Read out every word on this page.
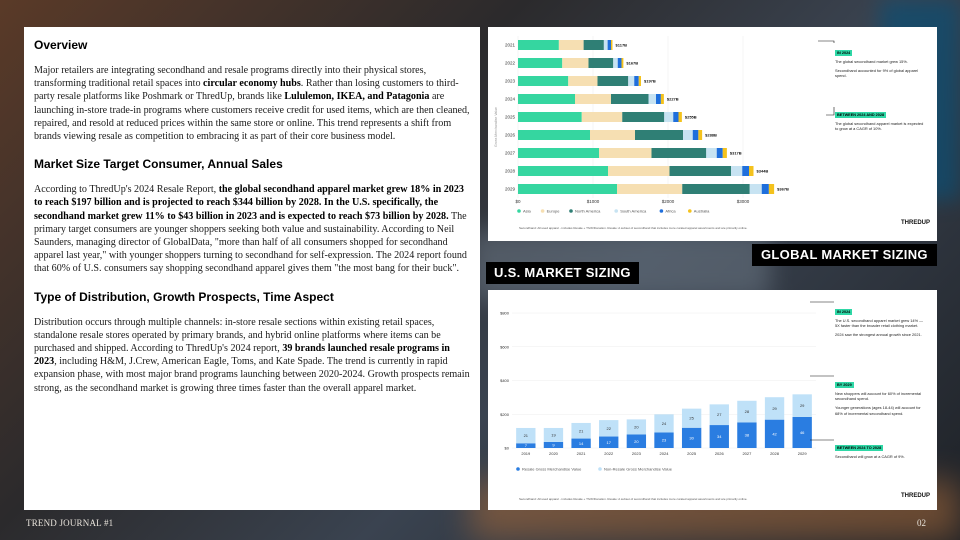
Overview

Major retailers are integrating secondhand and resale programs directly into their physical stores, transforming traditional retail spaces into circular economy hubs. Rather than losing customers to third-party resale platforms like Poshmark or ThredUp, brands like Lululemon, IKEA, and Patagonia are launching in-store trade-in programs where customers receive credit for used items, which are then cleaned, repaired, and resold at reduced prices within the same store or online. This trend represents a shift from brands viewing resale as competition to embracing it as part of their core business model.

Market Size Target Consumer, Annual Sales

According to ThredUp's 2024 Resale Report, the global secondhand apparel market grew 18% in 2023 to reach $197 billion and is projected to reach $344 billion by 2028. In the U.S. specifically, the secondhand market grew 11% to $43 billion in 2023 and is expected to reach $73 billion by 2028. The primary target consumers are younger shoppers seeking both value and sustainability. According to Neil Saunders, managing director of GlobalData, "more than half of all consumers shopped for secondhand apparel last year," with younger shoppers turning to secondhand for self-expression. The 2024 report found that 60% of U.S. consumers say shopping secondhand apparel gives them "the most bang for their buck".

Type of Distribution, Growth Prospects, Time Aspect

Distribution occurs through multiple channels: in-store resale sections within existing retail spaces, standalone resale stores operated by primary brands, and hybrid online platforms where items can be purchased and shipped. According to ThredUp's 2024 report, 39 brands launched resale programs in 2023, including H&M, J.Crew, American Eagle, Toms, and Kate Spade. The trend is currently in rapid expansion phase, with most major brand programs launching between 2020-2024. Growth prospects remain strong, as the secondhand market is growing three times faster than the overall apparel market.

TREND JOURNAL #1	02
$0	$1000	$2000	$3000
Gross Merchandise Value
2021	$117B
2022	$167B
2023	$197B
2024	$227B
2025	$255B
2026	$288B
2027	$317B
2028	$344B
2029	$367B
Asia	Europe	North America	South America	Africa	Australia
IN 2024
The global secondhand market grew 15%.
Secondhand accounted for 9% of global apparel spend.
BETWEEN 2024 AND 2028
The global secondhand apparel market is expected to grow at a CAGR of 10%.
THREDUP
Secondhand: All used apparel - includes Resale + Thrift/Donation. Resale: A subset of secondhand that includes more curated apparel assortments and are primarily online.
GLOBAL MARKET SIZING
U.S. MARKET SIZING
$0
$200
$400
$600
$800
7
21
2019
9
19
2020
14
21
2021
17
22
2022
20
20
2023
23
24
2024
30
25
2025
34
27
2026
38
28
2027
42
29
2028
46
29
2029
Resale Gross Merchandise Value	Non-Resale Gross Merchandise Value
IN 2024
The U.S. secondhand apparel market grew 14% — 5X faster than the broader retail clothing market.
2024 saw the strongest annual growth since 2021.
BY 2029
New shoppers will account for 60% of incremental secondhand spend.
Younger generations (ages 18-44) will account for 68% of incremental secondhand spend.
BETWEEN 2024 TO 2028
Secondhand will grow at a CAGR of 9%.
THREDUP
Secondhand: All used apparel - includes Resale + Thrift/Donation. Resale: A subset of secondhand that includes more curated apparel assortments and are primarily online.
